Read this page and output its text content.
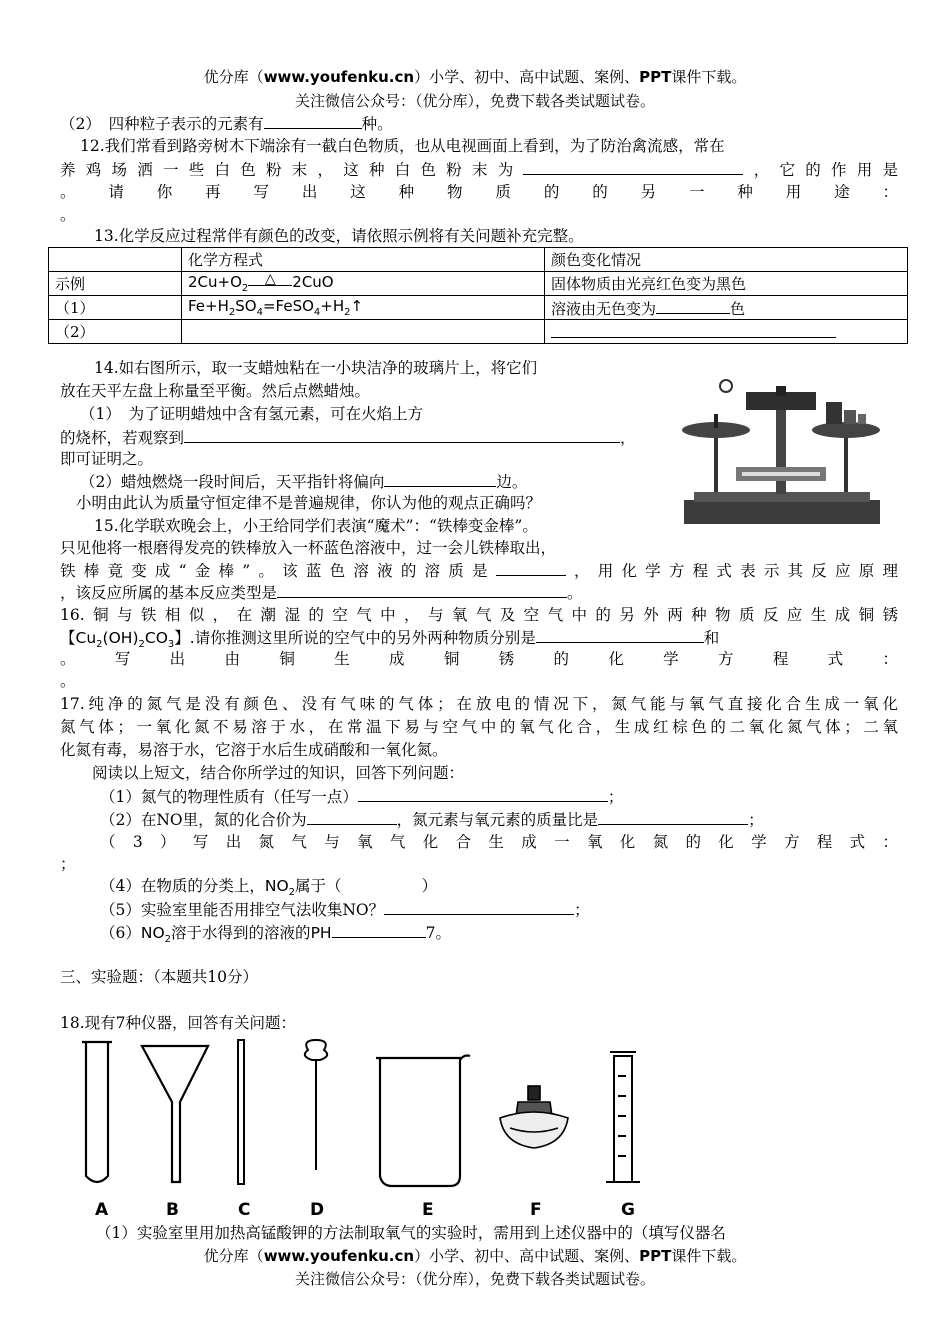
优分库（www.youfenku.cn）小学、初中、高中试题、案例、PPT课件下载。
关注微信公众号：（优分库），免费下载各类试题试卷。
（2）　四种粒子表示的元素有	种。
12.我们常看到路旁树木下端涂有一截白色物质，也从电视画面上看到，为了防治禽流感，常在
养鸡场洒一些白色粉末，这种白色粉末为	，它的作用是
。请你再写出这种物质的的另一种用途：
。
13.化学反应过程常伴有颜色的改变，请依照示例将有关问题补充完整。
	化学方程式	颜色变化情况
示例	$2Cu+O_2\triangle$ 2CuO	固体物质由光亮红色变为黑色
（1）	$Fe+H_2SO_4=FeSO_4+H_2↑$	溶液由无色变为 色
（2）		
14.如右图所示，取一支蜡烛粘在一小块洁净的玻璃片上，将它们
放在天平左盘上称量至平衡。然后点燃蜡烛。
（1）　为了证明蜡烛中含有氢元素，可在火焰上方
的烧杯，若观察到	，
即可证明之。
（2）蜡烛燃烧一段时间后，天平指针将偏向	边。
小明由此认为质量守恒定律不是普遍规律，你认为他的观点正确吗？
15.化学联欢晚会上，小王给同学们表演“魔术”：“铁棒变金棒”。
只见他将一根磨得发亮的铁棒放入一杯蓝色溶液中，过一会儿铁棒取出，
铁棒竟变成“金棒”。该蓝色溶液的溶质是	，用化学方程式表示其反应原理
，该反应所属的基本反应类型是	。
16.铜与铁相似，在潮湿的空气中，与氧气及空气中的另外两种物质反应生成铜锈
【$Cu_2(OH)_2CO_3$】.请你推测这里所说的空气中的另外两种物质分别是	和
。写出由铜生成铜锈的化学方程式：
。
17.纯净的氮气是没有颜色、没有气味的气体；在放电的情况下，氮气能与氧气直接化合生成一氧化
氮气体；一氧化氮不易溶于水，在常温下易与空气中的氧气化合，生成红棕色的二氧化氮气体；二氧
化氮有毒，易溶于水，它溶于水后生成硝酸和一氧化氮。
阅读以上短文，结合你所学过的知识，回答下列问题：
（1）氮气的物理性质有（任写一点）	；
（2）在NO里，氮的化合价为	，氮元素与氧元素的质量比是	；
（3）写出氮气与氧气化合生成一氧化氮的化学方程式：
；
（4）在物质的分类上，$NO_2$属于（	）
（5）实验室里能否用排空气法收集NO？	；
$(6)NO_2$溶于水得到的溶液的PH	7。
三、实验题：（本题共10分）
18.现有7种仪器，回答有关问题：
A	B	C	D	E	F	G
（1）实验室里用加热高锰酸钾的方法制取氧气的实验时，需用到上述仪器中的（填写仪器名
优分库（www.youfenku.cn）小学、初中、高中试题、案例、PPT课件下载。
关注微信公众号：（优分库），免费下载各类试题试卷。
